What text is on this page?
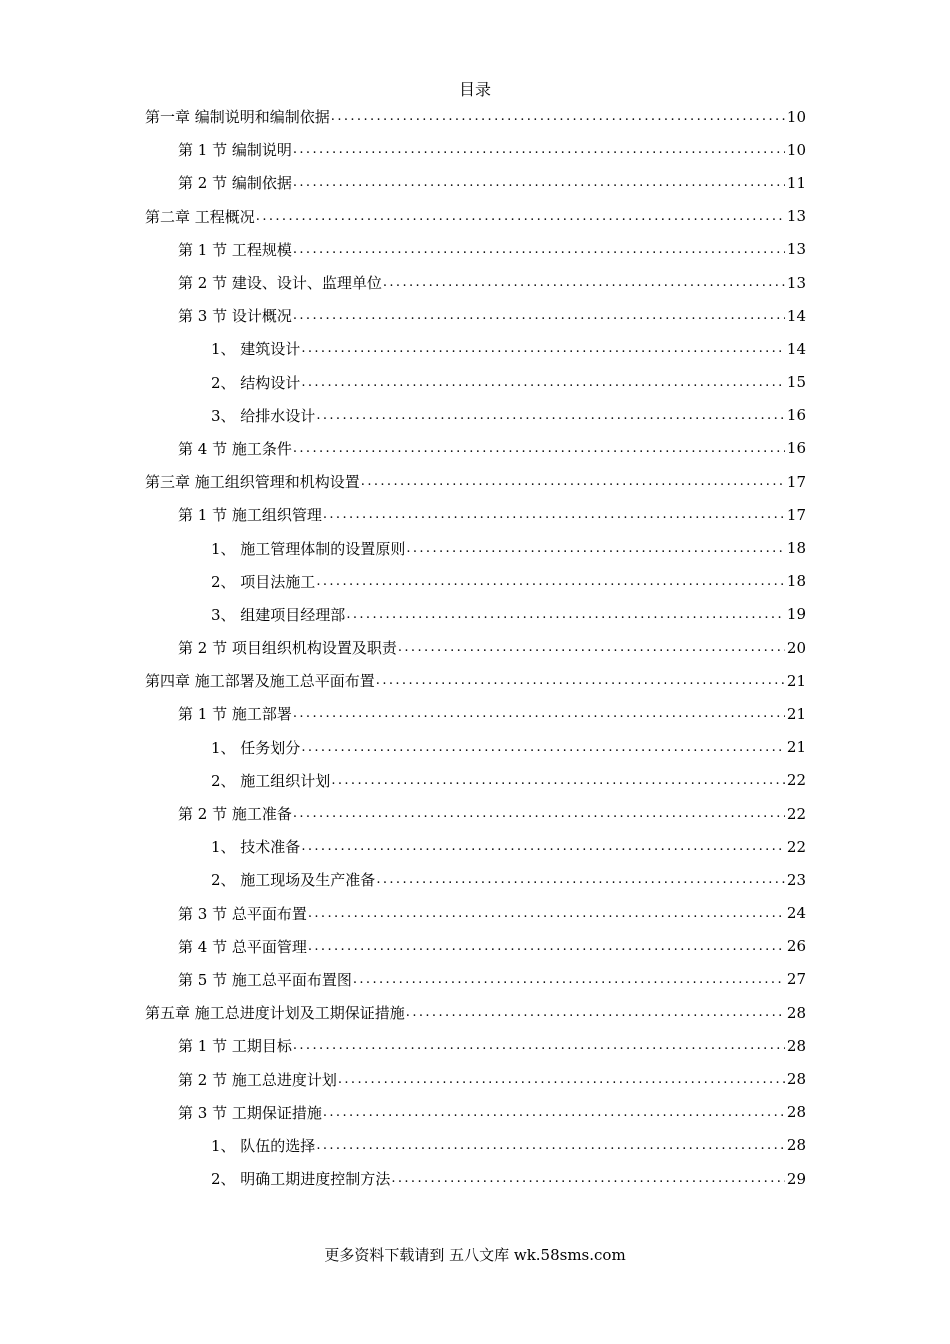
目录
第一章 编制说明和编制依据 .....	10
第 1 节 编制说明 .....	10
第 2 节 编制依据 .....	11
第二章 工程概况 .....	13
第 1 节 工程规模 .....	13
第 2 节 建设、设计、监理单位 .....	13
第 3 节 设计概况 .....	14
1、 建筑设计 .....	14
2、 结构设计 .....	15
3、 给排水设计 .....	16
第 4 节 施工条件 .....	16
第三章 施工组织管理和机构设置 .....	17
第 1 节 施工组织管理 .....	17
1、 施工管理体制的设置原则 .....	18
2、 项目法施工 .....	18
3、 组建项目经理部 .....	19
第 2 节 项目组织机构设置及职责 .....	20
第四章 施工部署及施工总平面布置 .....	21
第 1 节 施工部署 .....	21
1、 任务划分 .....	21
2、 施工组织计划 .....	22
第 2 节 施工准备 .....	22
1、 技术准备 .....	22
2、 施工现场及生产准备 .....	23
第 3 节 总平面布置 .....	24
第 4 节 总平面管理 .....	26
第 5 节 施工总平面布置图 .....	27
第五章 施工总进度计划及工期保证措施 .....	28
第 1 节 工期目标 .....	28
第 2 节 施工总进度计划 .....	28
第 3 节 工期保证措施 .....	28
1、 队伍的选择 .....	28
2、 明确工期进度控制方法 .....	29
更多资料下载请到 五八文库 wk.58sms.com
